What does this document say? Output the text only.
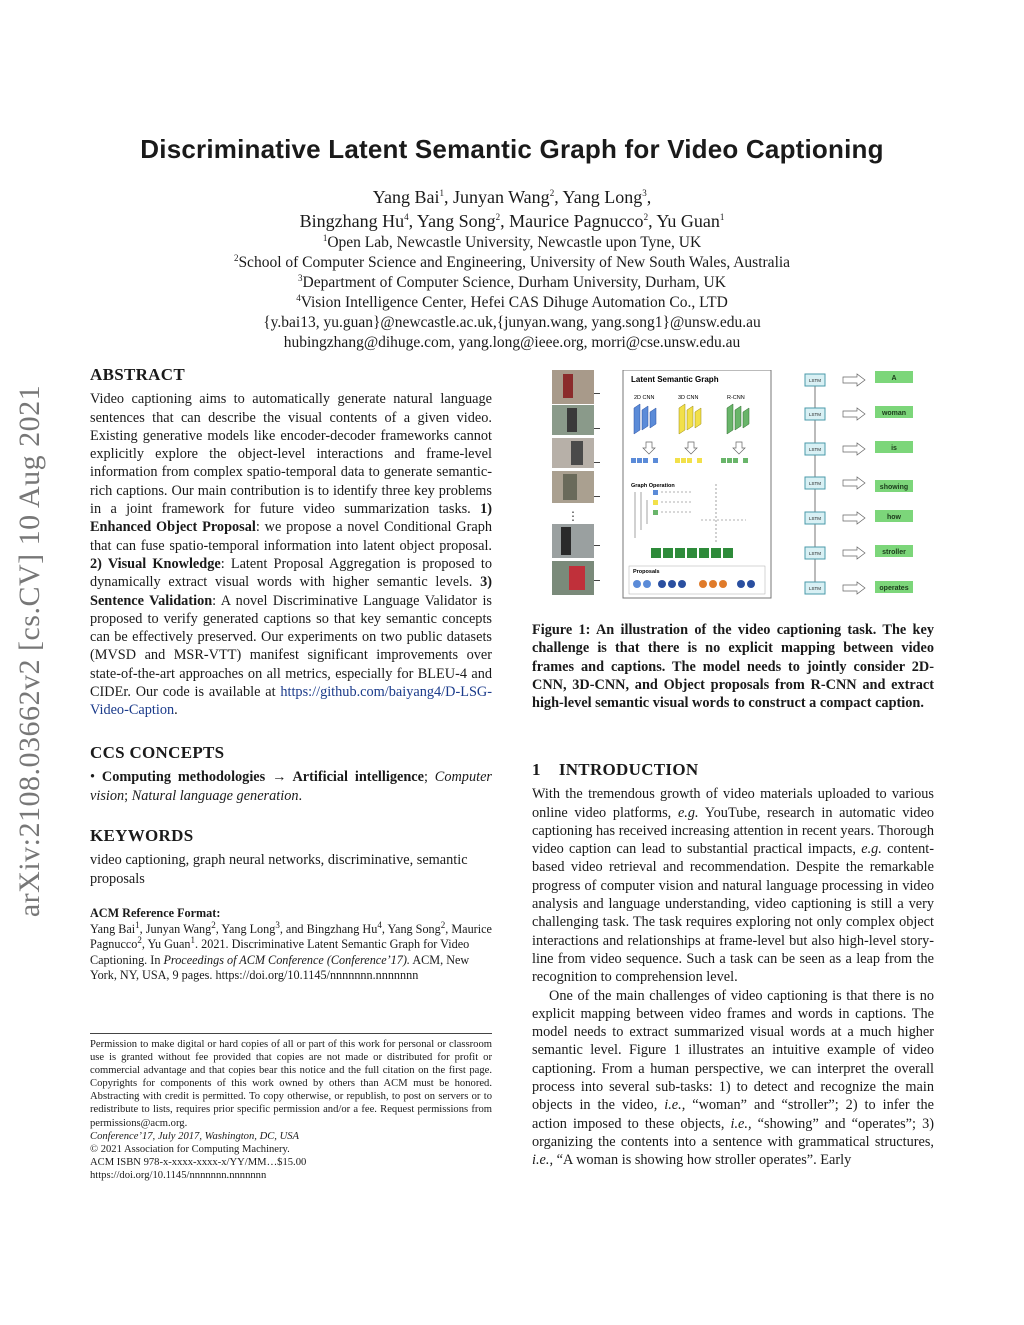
arXiv:2108.03662v2 [cs.CV] 10 Aug 2021
Discriminative Latent Semantic Graph for Video Captioning
Yang Bai$^1$, Junyan Wang$^2$, Yang Long$^3$,
Bingzhang Hu$^4$, Yang Song$^2$, Maurice Pagnucco$^2$, Yu Guan$^1$
$^1$Open Lab, Newcastle University, Newcastle upon Tyne, UK
$^2$School of Computer Science and Engineering, University of New South Wales, Australia
$^3$Department of Computer Science, Durham University, Durham, UK
$^4$Vision Intelligence Center, Hefei CAS Dihuge Automation Co., LTD
{y.bai13, yu.guan}@newcastle.ac.uk,{junyan.wang, yang.song1}@unsw.edu.au
hubingzhang@dihuge.com, yang.long@ieee.org, morri@cse.unsw.edu.au
ABSTRACT

Video captioning aims to automatically generate natural language sentences that can describe the visual contents of a given video. Existing generative models like encoder-decoder frameworks cannot explicitly explore the object-level interactions and frame-level information from complex spatio-temporal data to generate semantic-rich captions. Our main contribution is to identify three key problems in a joint framework for future video summarization tasks. 1) Enhanced Object Proposal: we propose a novel Conditional Graph that can fuse spatio-temporal information into latent object proposal. 2) Visual Knowledge: Latent Proposal Aggregation is proposed to dynamically extract visual words with higher semantic levels. 3) Sentence Validation: A novel Discriminative Language Validator is proposed to verify generated captions so that key semantic concepts can be effectively preserved. Our experiments on two public datasets (MVSD and MSR-VTT) manifest significant improvements over state-of-the-art approaches on all metrics, especially for BLEU-4 and CIDEr. Our code is available at https://github.com/baiyang4/D-LSG-Video-Caption.

CCS CONCEPTS

• Computing methodologies → Artificial intelligence; Computer vision; Natural language generation.

KEYWORDS

video captioning, graph neural networks, discriminative, semantic proposals

ACM Reference Format:
Yang Bai$^1$, Junyan Wang$^2$, Yang Long$^3$, and Bingzhang Hu$^4$, Yang Song$^2$, Maurice Pagnucco$^2$, Yu Guan$^1$. 2021. Discriminative Latent Semantic Graph for Video Captioning. In Proceedings of ACM Conference (Conference’17). ACM, New York, NY, USA, 9 pages. https://doi.org/10.1145/nnnnnnn.nnnnnnn

Permission to make digital or hard copies of all or part of this work for personal or classroom use is granted without fee provided that copies are not made or distributed for profit or commercial advantage and that copies bear this notice and the full citation on the first page. Copyrights for components of this work owned by others than ACM must be honored. Abstracting with credit is permitted. To copy otherwise, or republish, to post on servers or to redistribute to lists, requires prior specific permission and/or a fee. Request permissions from permissions@acm.org.

Conference’17, July 2017, Washington, DC, USA

© 2021 Association for Computing Machinery.

ACM ISBN 978-x-xxxx-xxxx-x/YY/MM…$15.00

https://doi.org/10.1145/nnnnnnn.nnnnnnn

⋮
Latent Semantic Graph
2D CNN	3D CNN	R-CNN
Graph Operation
Proposals
LSTM
LSTM
LSTM
LSTM
LSTM
LSTM
LSTM
A
woman
is
showing
how
stroller
operates
Figure 1: An illustration of the video captioning task. The key challenge is that there is no explicit mapping between video frames and captions. The model needs to jointly consider 2D-CNN, 3D-CNN, and Object proposals from R-CNN and extract high-level semantic visual words to construct a compact caption.
1 INTRODUCTION

With the tremendous growth of video materials uploaded to various online video platforms, e.g. YouTube, research in automatic video captioning has received increasing attention in recent years. Thorough video caption can lead to substantial practical impacts, e.g. content-based video retrieval and recommendation. Despite the remarkable progress of computer vision and natural language processing in video analysis and language understanding, video captioning is still a very challenging task. The task requires exploring not only complex object interactions and relationships at frame-level but also high-level story-line from video sequence. Such a task can be seen as a leap from the recognition to comprehension level.

One of the main challenges of video captioning is that there is no explicit mapping between video frames and words in captions. The model needs to extract summarized visual words at a much higher semantic level. Figure 1 illustrates an intuitive example of video captioning. From a human perspective, we can interpret the overall process into several sub-tasks: 1) to detect and recognize the main objects in the video, i.e., “woman” and “stroller”; 2) to infer the action imposed to these objects, i.e., “showing” and “operates”; 3) organizing the contents into a sentence with grammatical structures, i.e., “A woman is showing how stroller operates”. Early
